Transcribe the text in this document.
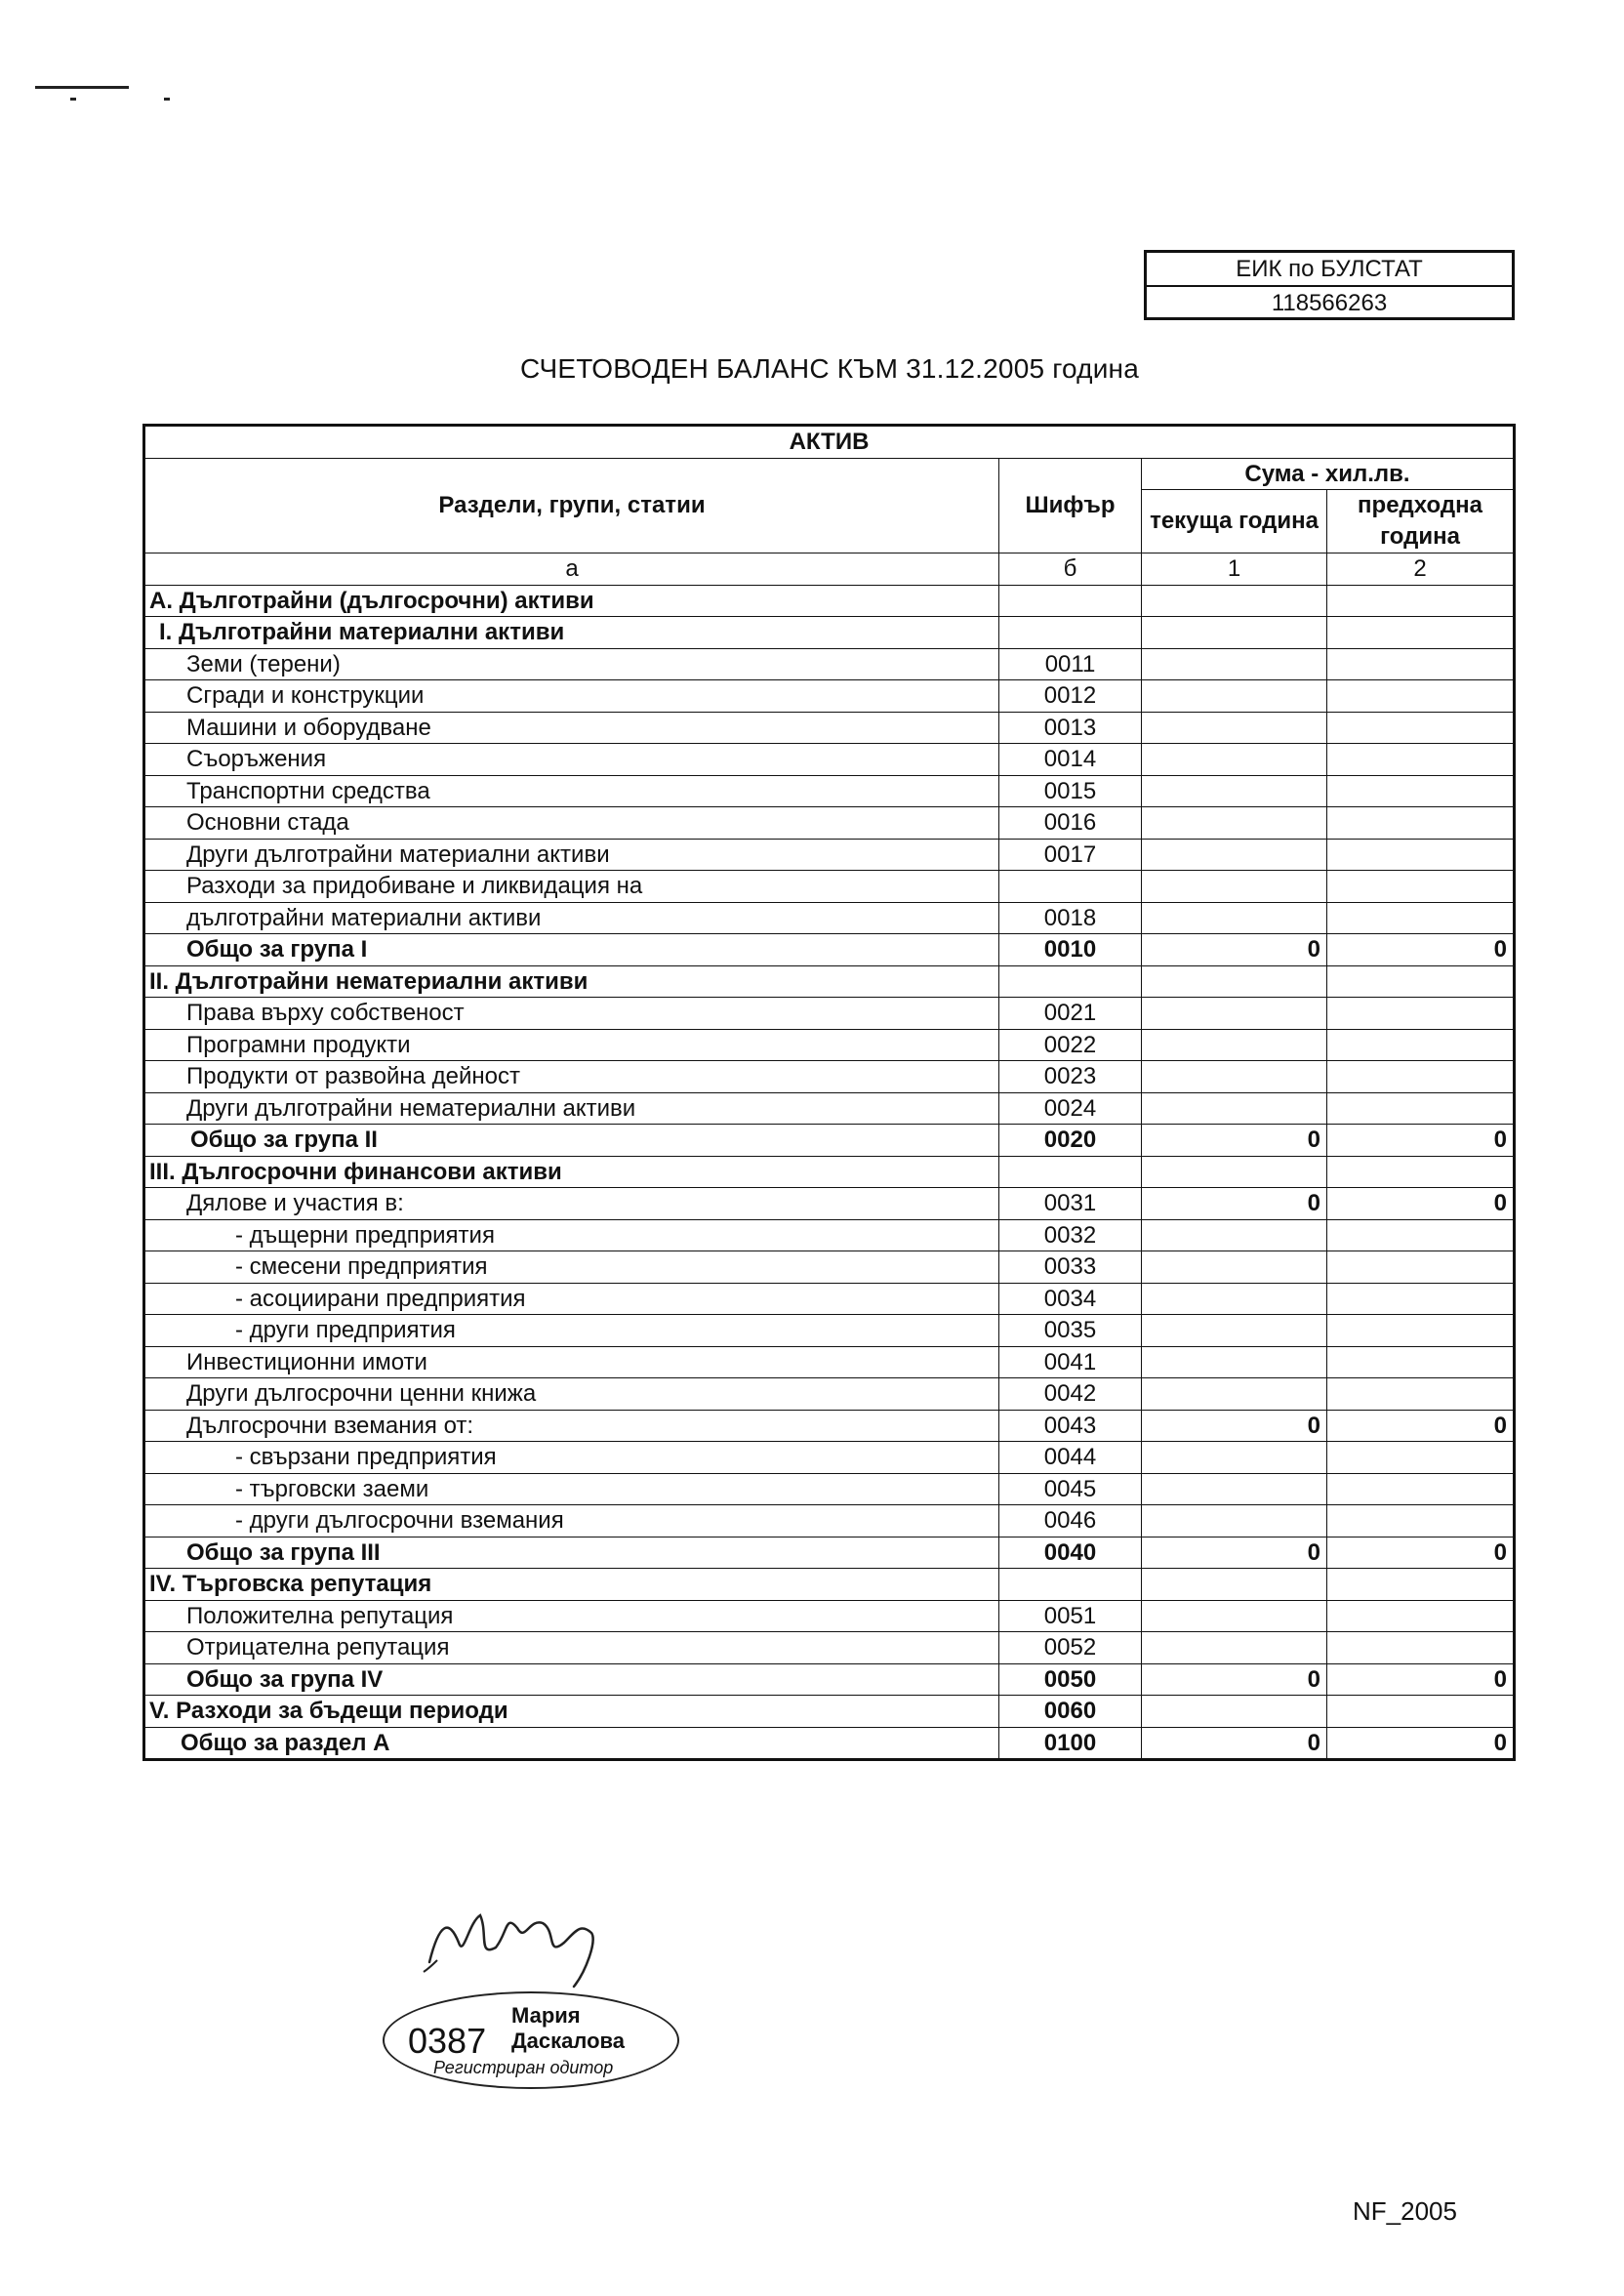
ЕИК по БУЛСТАТ
118566263
СЧЕТОВОДЕН БАЛАНС КЪМ 31.12.2005 година
АКТИВ			
Раздели, групи, статии	Шифър	Сума - хил.лв.	
		текуща година	предходна година

а	б	1	2
А. Дълготрайни (дългосрочни) активи			
I. Дълготрайни материални активи			
Земи (терени)	0011		
Сгради и конструкции	0012		
Машини и оборудване	0013		
Съоръжения	0014		
Транспортни средства	0015		
Основни стада	0016		
Други дълготрайни материални активи	0017		
Разходи за придобиване и ликвидация на			
дълготрайни материални активи	0018		
Общо за група I	0010	0	0
II. Дълготрайни нематериални активи			
Права върху собственост	0021		
Програмни продукти	0022		
Продукти от развойна дейност	0023		
Други дълготрайни нематериални активи	0024		
Общо за група II	0020	0	0
III. Дългосрочни финансови активи			
Дялове и участия в:	0031	0	0
- дъщерни предприятия	0032		
- смесени предприятия	0033		
- асоциирани предприятия	0034		
- други предприятия	0035		
Инвестиционни имоти	0041		
Други дългосрочни ценни книжа	0042		
Дългосрочни вземания от:	0043	0	0
- свързани предприятия	0044		
- търговски заеми	0045		
- други дългосрочни вземания	0046		
Общо за група III	0040	0	0
IV. Търговска репутация			
Положителна репутация	0051		
Отрицателна репутация	0052		
Общо за група IV	0050	0	0
V. Разходи за бъдещи периоди	0060		
Общо за раздел А	0100	0	0
0387
Мария
Даскалова
Регистриран одитор
NF_2005
